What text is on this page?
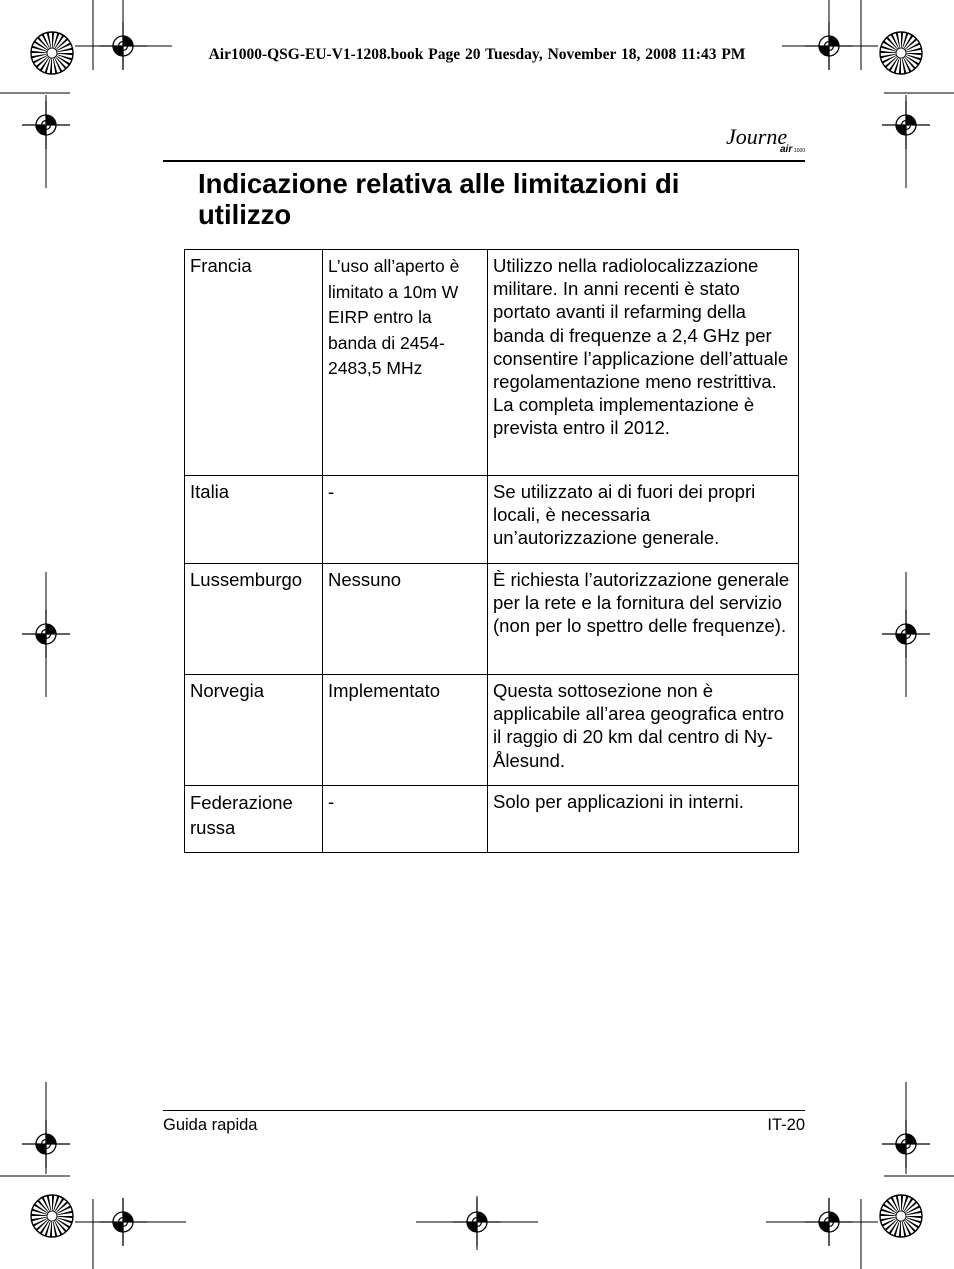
Air1000-QSG-EU-V1-1208.book Page 20 Tuesday, November 18, 2008 11:43 PM
Journe
air 1000
Indicazione relativa alle limitazioni di utilizzo
Francia	L’uso all’aperto è limitato a 10m W EIRP entro la banda di 2454-2483,5 MHz	Utilizzo nella radiolocalizzazione militare. In anni recenti è stato portato avanti il refarming della banda di frequenze a 2,4 GHz per consentire l’applicazione dell’attuale regolamentazione meno restrittiva. La completa implementazione è prevista entro il 2012.
Italia	-	Se utilizzato ai di fuori dei propri locali, è necessaria un’autorizzazione generale.
Lussemburgo	Nessuno	È richiesta l’autorizzazione generale per la rete e la fornitura del servizio (non per lo spettro delle frequenze).
Norvegia	Implementato	Questa sottosezione non è applicabile all’area geografica entro il raggio di 20 km dal centro di Ny-Ålesund.
Federazione russa	-	Solo per applicazioni in interni.
Guida rapida	IT-20
